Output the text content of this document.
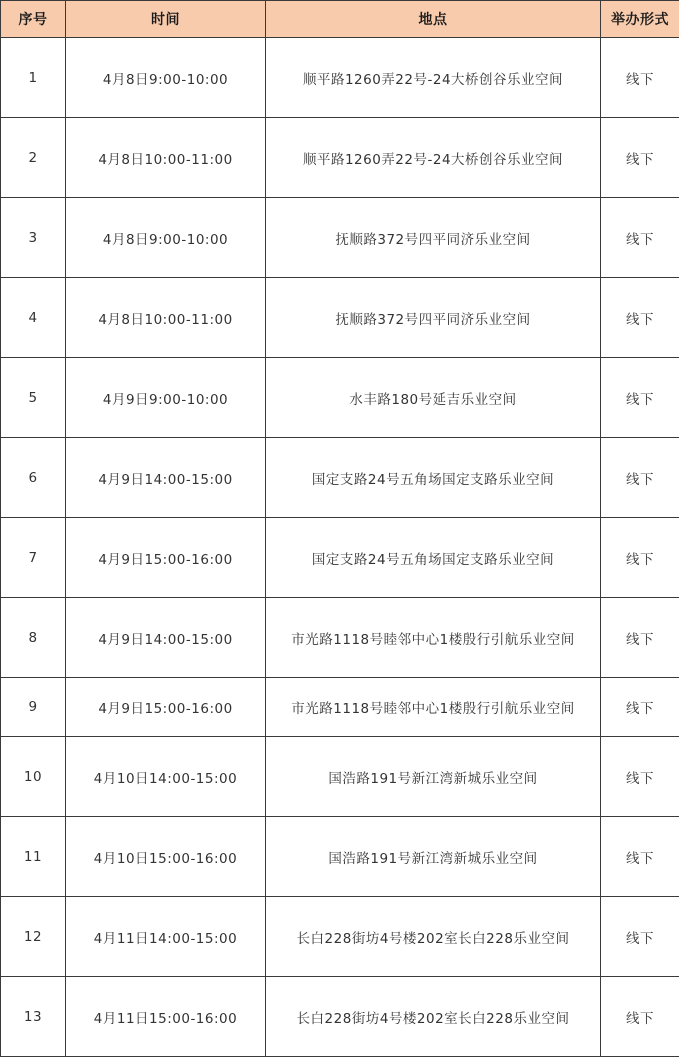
序号	时间	地点	举办形式
1	4月8日9:00-10:00	顺平路1260弄22号-24大桥创谷乐业空间	线下
2	4月8日10:00-11:00	顺平路1260弄22号-24大桥创谷乐业空间	线下
3	4月8日9:00-10:00	抚顺路372号四平同济乐业空间	线下
4	4月8日10:00-11:00	抚顺路372号四平同济乐业空间	线下
5	4月9日9:00-10:00	水丰路180号延吉乐业空间	线下
6	4月9日14:00-15:00	国定支路24号五角场国定支路乐业空间	线下
7	4月9日15:00-16:00	国定支路24号五角场国定支路乐业空间	线下
8	4月9日14:00-15:00	市光路1118号睦邻中心1楼殷行引航乐业空间	线下
9	4月9日15:00-16:00	市光路1118号睦邻中心1楼殷行引航乐业空间	线下
10	4月10日14:00-15:00	国浩路191号新江湾新城乐业空间	线下
11	4月10日15:00-16:00	国浩路191号新江湾新城乐业空间	线下
12	4月11日14:00-15:00	长白228街坊4号楼202室长白228乐业空间	线下
13	4月11日15:00-16:00	长白228街坊4号楼202室长白228乐业空间	线下
